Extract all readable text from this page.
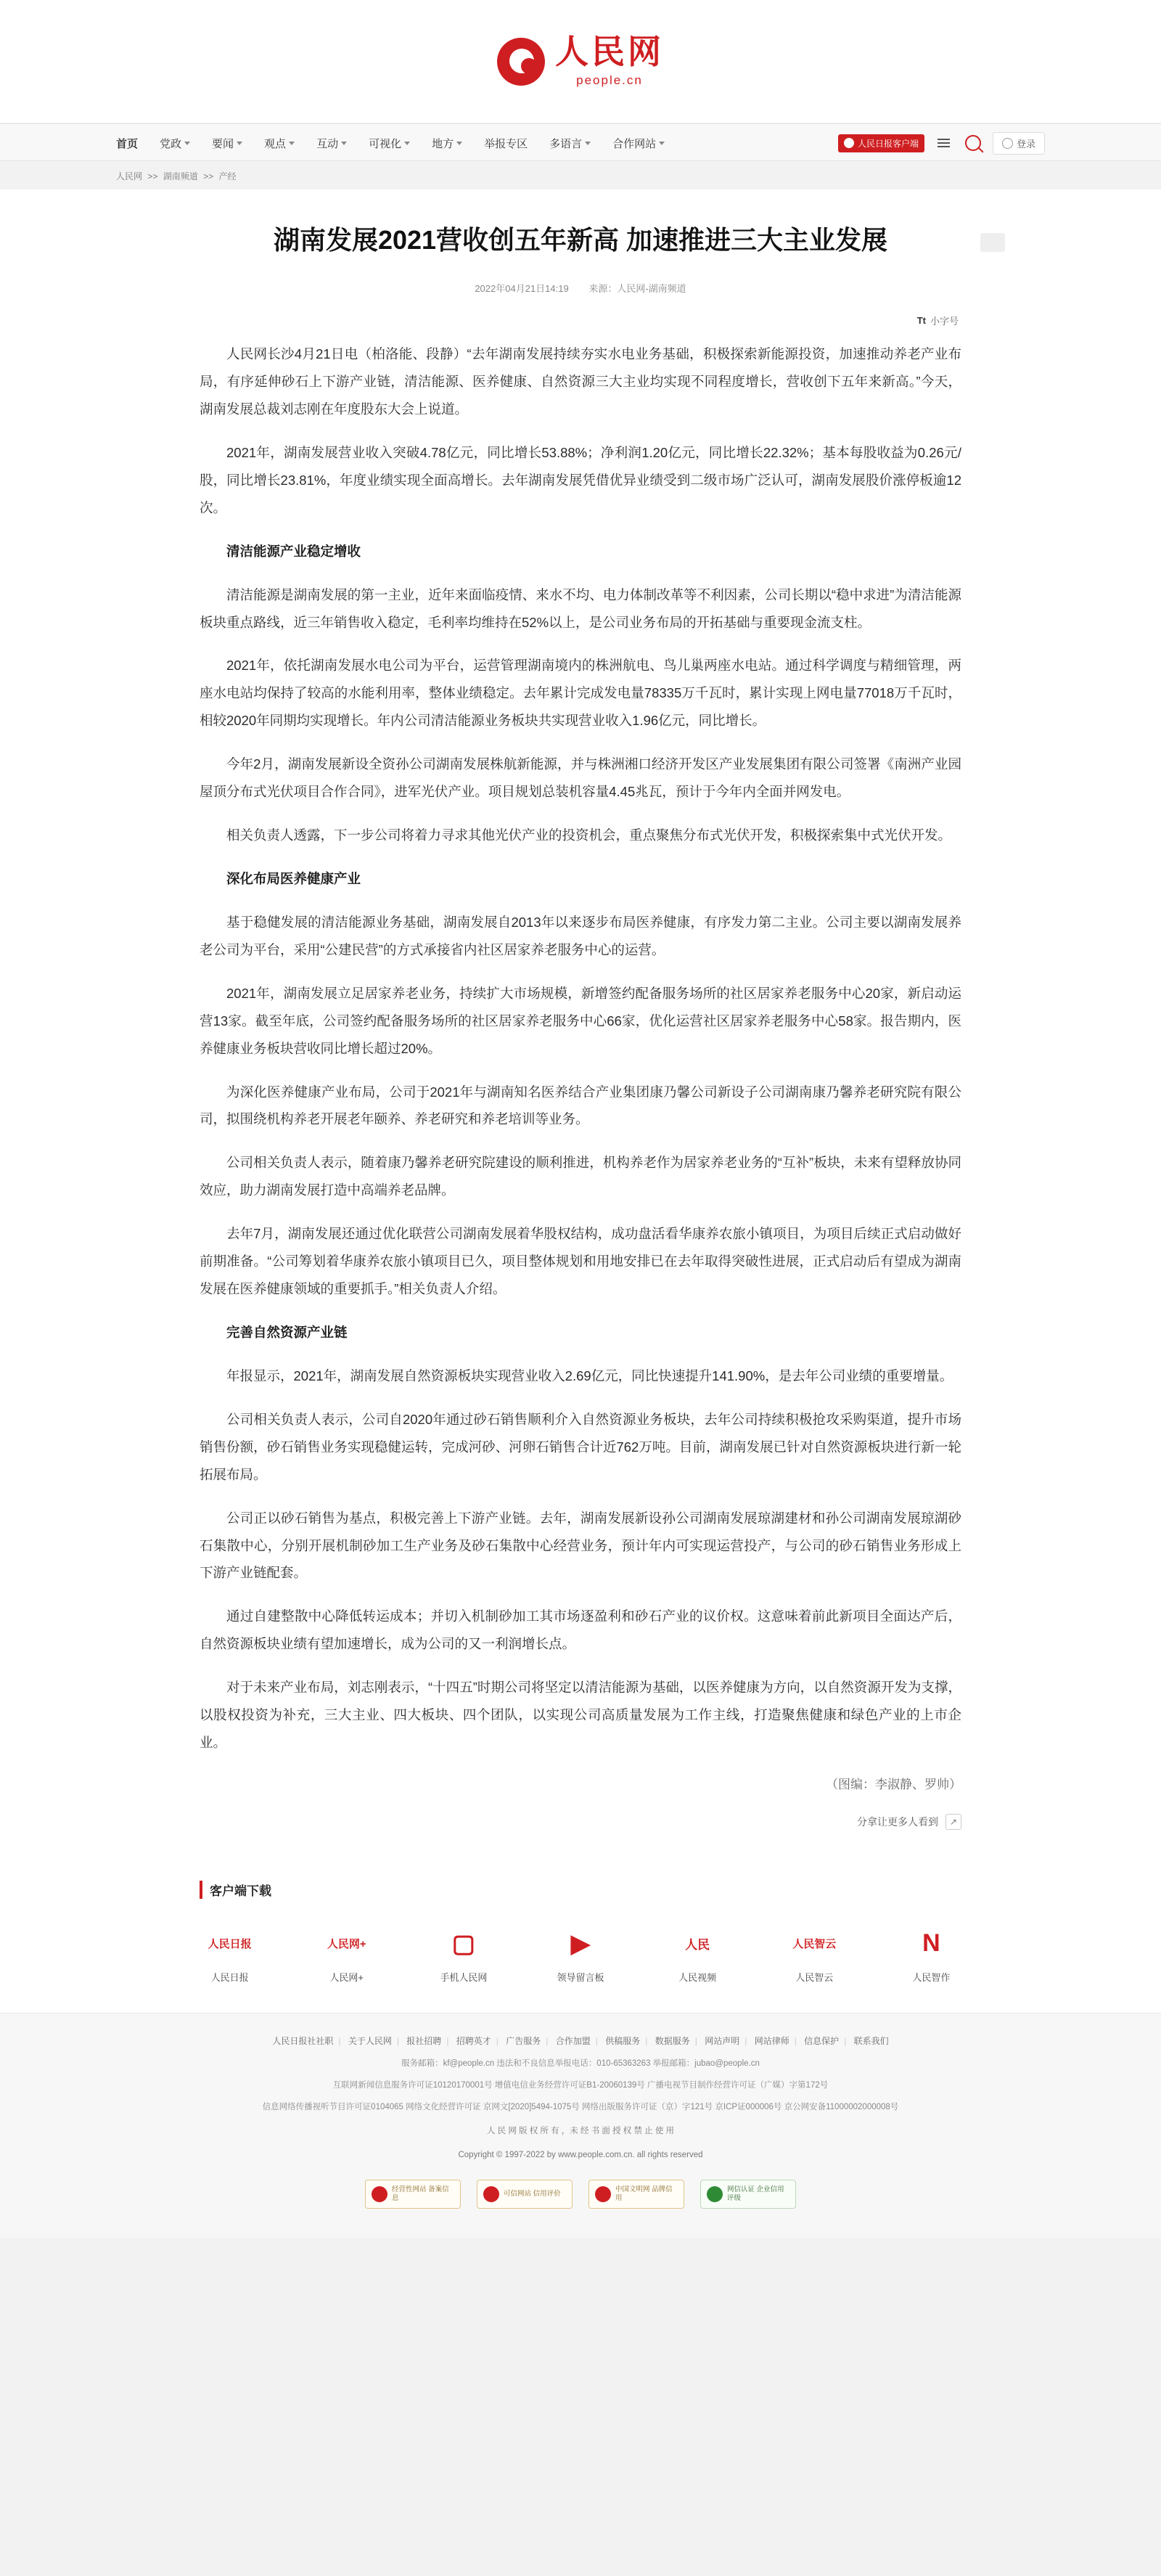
人民网
people.cn
首页 党政	要闻	观点	互动	可视化	地方	举报专区 多语言	合作网站	人民日报客户端	登录
人民网 >> 湖南频道 >> 产经
湖南发展2021营收创五年新高 加速推进三大主业发展
2022年04月21日14:19 来源：人民网-湖南频道
Tt 小字号

人民网长沙4月21日电（柏洛能、段静）“去年湖南发展持续夯实水电业务基础，积极探索新能源投资，加速推动养老产业布局，有序延伸砂石上下游产业链，清洁能源、医养健康、自然资源三大主业均实现不同程度增长，营收创下五年来新高。”今天，湖南发展总裁刘志刚在年度股东大会上说道。

2021年，湖南发展营业收入突破4.78亿元，同比增长53.88%；净利润1.20亿元，同比增长22.32%；基本每股收益为0.26元/股，同比增长23.81%，年度业绩实现全面高增长。去年湖南发展凭借优异业绩受到二级市场广泛认可，湖南发展股价涨停板逾12次。

清洁能源产业稳定增收

清洁能源是湖南发展的第一主业，近年来面临疫情、来水不均、电力体制改革等不利因素，公司长期以“稳中求进”为清洁能源板块重点路线，近三年销售收入稳定，毛利率均维持在52%以上，是公司业务布局的开拓基础与重要现金流支柱。

2021年，依托湖南发展水电公司为平台，运营管理湖南境内的株洲航电、鸟儿巢两座水电站。通过科学调度与精细管理，两座水电站均保持了较高的水能利用率，整体业绩稳定。去年累计完成发电量78335万千瓦时，累计实现上网电量77018万千瓦时，相较2020年同期均实现增长。年内公司清洁能源业务板块共实现营业收入1.96亿元，同比增长。

今年2月，湖南发展新设全资孙公司湖南发展株航新能源，并与株洲湘口经济开发区产业发展集团有限公司签署《南洲产业园屋顶分布式光伏项目合作合同》，进军光伏产业。项目规划总装机容量4.45兆瓦，预计于今年内全面并网发电。

相关负责人透露，下一步公司将着力寻求其他光伏产业的投资机会，重点聚焦分布式光伏开发，积极探索集中式光伏开发。

深化布局医养健康产业

基于稳健发展的清洁能源业务基础，湖南发展自2013年以来逐步布局医养健康，有序发力第二主业。公司主要以湖南发展养老公司为平台，采用“公建民营”的方式承接省内社区居家养老服务中心的运营。

2021年，湖南发展立足居家养老业务，持续扩大市场规模，新增签约配备服务场所的社区居家养老服务中心20家，新启动运营13家。截至年底，公司签约配备服务场所的社区居家养老服务中心66家，优化运营社区居家养老服务中心58家。报告期内，医养健康业务板块营收同比增长超过20%。

为深化医养健康产业布局，公司于2021年与湖南知名医养结合产业集团康乃馨公司新设子公司湖南康乃馨养老研究院有限公司，拟围绕机构养老开展老年颐养、养老研究和养老培训等业务。

公司相关负责人表示，随着康乃馨养老研究院建设的顺利推进，机构养老作为居家养老业务的“互补”板块，未来有望释放协同效应，助力湖南发展打造中高端养老品牌。

去年7月，湖南发展还通过优化联营公司湖南发展着华股权结构，成功盘活看华康养农旅小镇项目，为项目后续正式启动做好前期准备。“公司筹划着华康养农旅小镇项目已久，项目整体规划和用地安排已在去年取得突破性进展，正式启动后有望成为湖南发展在医养健康领域的重要抓手。”相关负责人介绍。

完善自然资源产业链

年报显示，2021年，湖南发展自然资源板块实现营业收入2.69亿元，同比快速提升141.90%，是去年公司业绩的重要增量。

公司相关负责人表示，公司自2020年通过砂石销售顺利介入自然资源业务板块，去年公司持续积极抢攻采购渠道，提升市场销售份额，砂石销售业务实现稳健运转，完成河砂、河卵石销售合计近762万吨。目前，湖南发展已针对自然资源板块进行新一轮拓展布局。

公司正以砂石销售为基点，积极完善上下游产业链。去年，湖南发展新设孙公司湖南发展琼湖建材和孙公司湖南发展琼湖砂石集散中心，分别开展机制砂加工生产业务及砂石集散中心经营业务，预计年内可实现运营投产，与公司的砂石销售业务形成上下游产业链配套。

通过自建整散中心降低转运成本；并切入机制砂加工其市场逐盈利和砂石产业的议价权。这意味着前此新项目全面达产后，自然资源板块业绩有望加速增长，成为公司的又一利润增长点。

对于未来产业布局，刘志刚表示，“十四五”时期公司将坚定以清洁能源为基础，以医养健康为方向，以自然资源开发为支撑，以股权投资为补充，三大主业、四大板块、四个团队，以实现公司高质量发展为工作主线，打造聚焦健康和绿色产业的上市企业。

（图编：李淑静、罗帅）

分拿让更多人看到	↗
客户端下载
人民日报
人民日报
人民网+
人民网+
▢
手机人民网
▶
领导留言板
人民
人民视频
人民智云
人民智云
N
人民智作
人民日报社社职 | 关于人民网 | 报社招聘 | 招聘英才 | 广告服务 | 合作加盟 | 供稿服务 | 数据服务 | 网站声明 | 网站律师 | 信息保护 | 联系我们
服务邮箱：kf@people.cn 违法和不良信息举报电话：010-65363263 举报邮箱：jubao@people.cn
互联网新闻信息服务许可证10120170001号 增值电信业务经营许可证B1-20060139号 广播电视节目制作经营许可证（广媒）字第172号
信息网络传播视听节目许可证0104065 网络文化经营许可证 京网文[2020]5494-1075号 网络出版服务许可证（京）字121号 京ICP证000006号 京公网安备11000002000008号
人 民 网 版 权 所 有 ，未 经 书 面 授 权 禁 止 使 用
Copyright © 1997-2022 by www.people.com.cn. all rights reserved
经营性网站 备案信息
可信网站 信用评价
中国文明网 品牌信用
网信认证 企业信用评级
